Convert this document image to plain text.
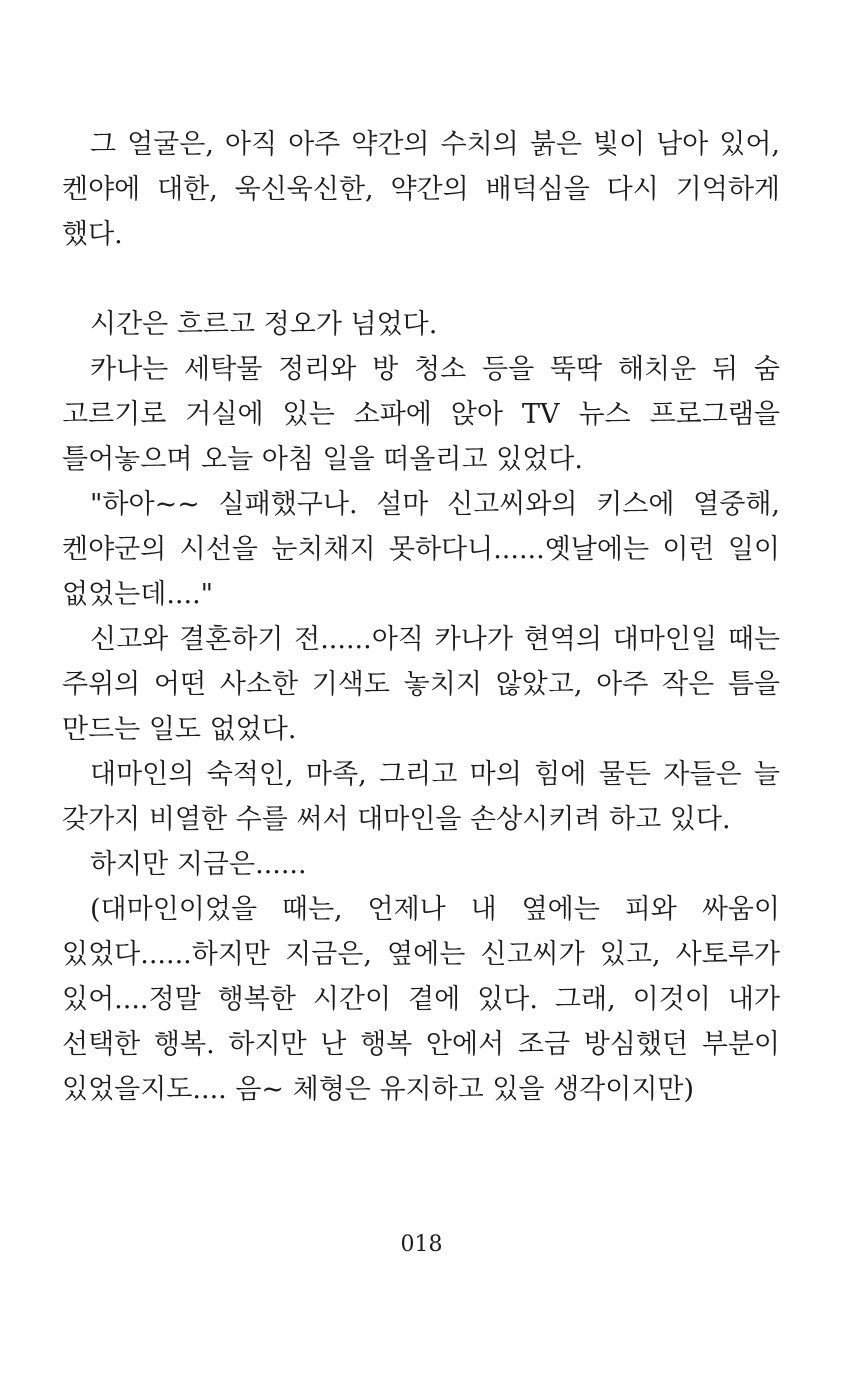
그 얼굴은, 아직 아주 약간의 수치의 붉은 빛이 남아 있어, 켄야에 대한, 욱신욱신한, 약간의 배덕심을 다시 기억하게 했다.

시간은 흐르고 정오가 넘었다.

카나는 세탁물 정리와 방 청소 등을 뚝딱 해치운 뒤 숨 고르기로 거실에 있는 소파에 앉아 TV 뉴스 프로그램을 틀어놓으며 오늘 아침 일을 떠올리고 있었다.

"하아~~ 실패했구나. 설마 신고씨와의 키스에 열중해, 켄야군의 시선을 눈치채지 못하다니......옛날에는 이런 일이 없었는데...."

신고와 결혼하기 전......아직 카나가 현역의 대마인일 때는 주위의 어떤 사소한 기색도 놓치지 않았고, 아주 작은 틈을 만드는 일도 없었다.

대마인의 숙적인, 마족, 그리고 마의 힘에 물든 자들은 늘 갖가지 비열한 수를 써서 대마인을 손상시키려 하고 있다.

하지만 지금은......

(대마인이었을 때는, 언제나 내 옆에는 피와 싸움이 있었다......하지만 지금은, 옆에는 신고씨가 있고, 사토루가 있어....정말 행복한 시간이 곁에 있다. 그래, 이것이 내가 선택한 행복. 하지만 난 행복 안에서 조금 방심했던 부분이 있었을지도.... 음~ 체형은 유지하고 있을 생각이지만)

018
